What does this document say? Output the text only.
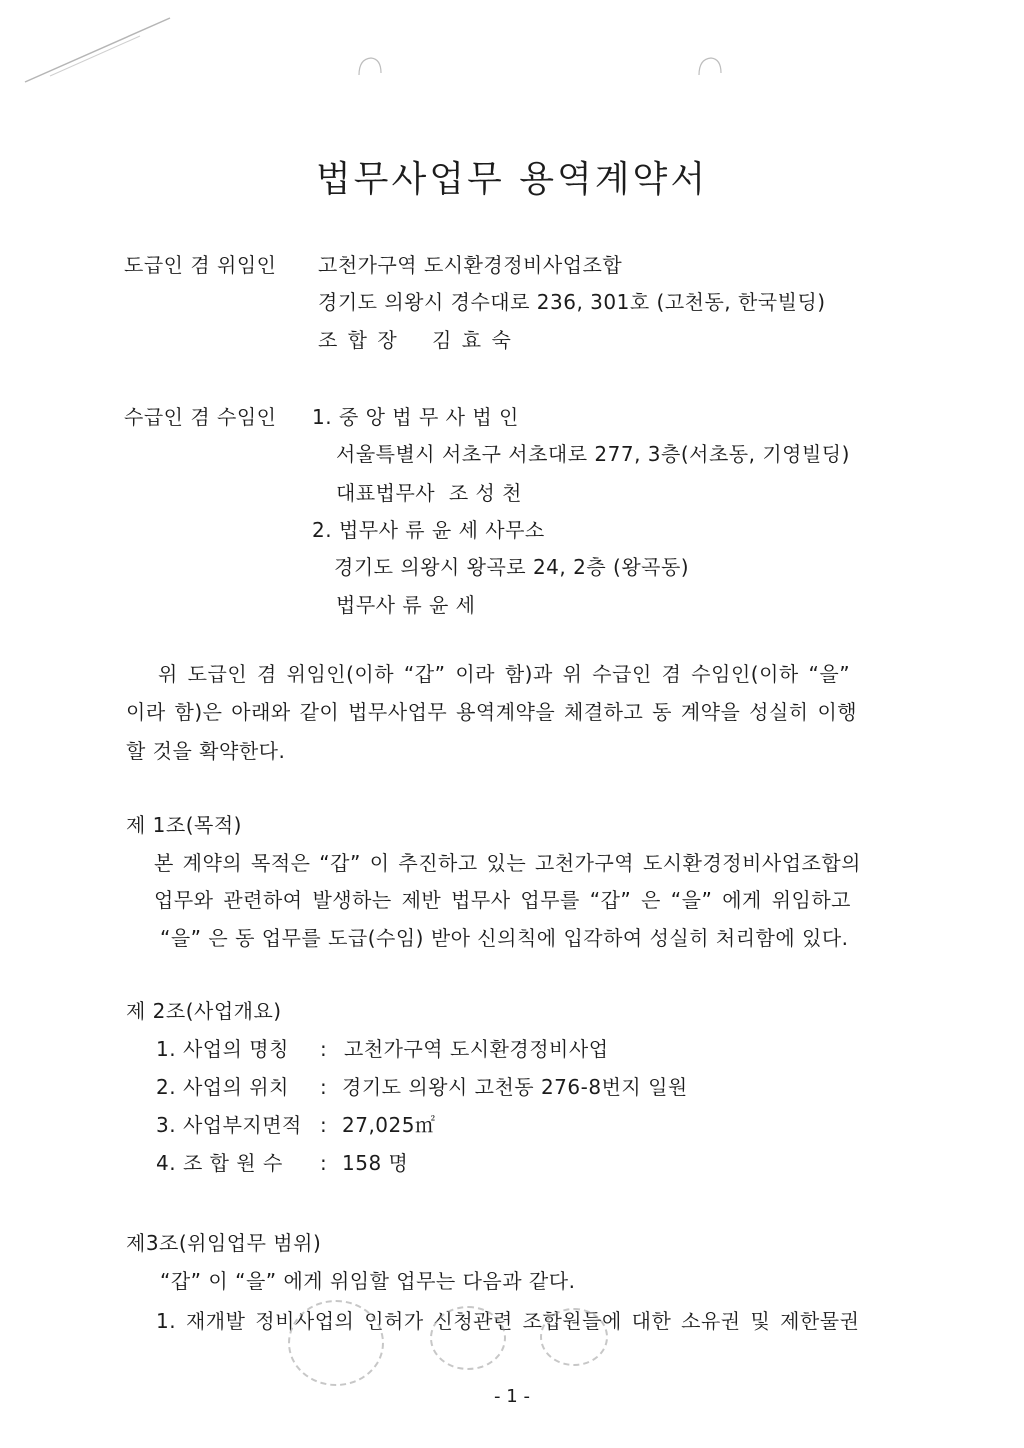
법무사업무 용역계약서
도급인 겸 위임인 고천가구역 도시환경정비사업조합
경기도 의왕시 경수대로 236, 301호 (고천동, 한국빌딩)
조 합 장    김 효 숙
수급인 겸 수임인 1. 중 앙 법 무 사 법 인
서울특별시 서초구 서초대로 277, 3층(서초동, 기영빌딩)
대표법무사  조 성 천
2. 법무사 류 윤 세 사무소
경기도 의왕시 왕곡로 24, 2층 (왕곡동)
법무사 류 윤 세
위 도급인 겸 위임인(이하 “갑” 이라 함)과 위 수급인 겸 수임인(이하 “을”
이라 함)은 아래와 같이 법무사업무 용역계약을 체결하고 동 계약을 성실히 이행
할 것을 확약한다.
제 1조(목적)
본 계약의 목적은 “갑” 이 추진하고 있는 고천가구역 도시환경정비사업조합의
업무와 관련하여 발생하는 제반 법무사 업무를 “갑” 은 “을” 에게 위임하고
“을” 은 동 업무를 도급(수임) 받아 신의칙에 입각하여 성실히 처리함에 있다.
제 2조(사업개요)
1. 사업의 명칭 : 고천가구역 도시환경정비사업
2. 사업의 위치 : 경기도 의왕시 고천동 276-8번지 일원
3. 사업부지면적 : 27,025㎡
4. 조 합 원 수 : 158 명
제3조(위임업무 범위)
“갑” 이 “을” 에게 위임할 업무는 다음과 같다.
1. 재개발 정비사업의 인허가 신청관련 조합원들에 대한 소유권 및 제한물권
- 1 -
